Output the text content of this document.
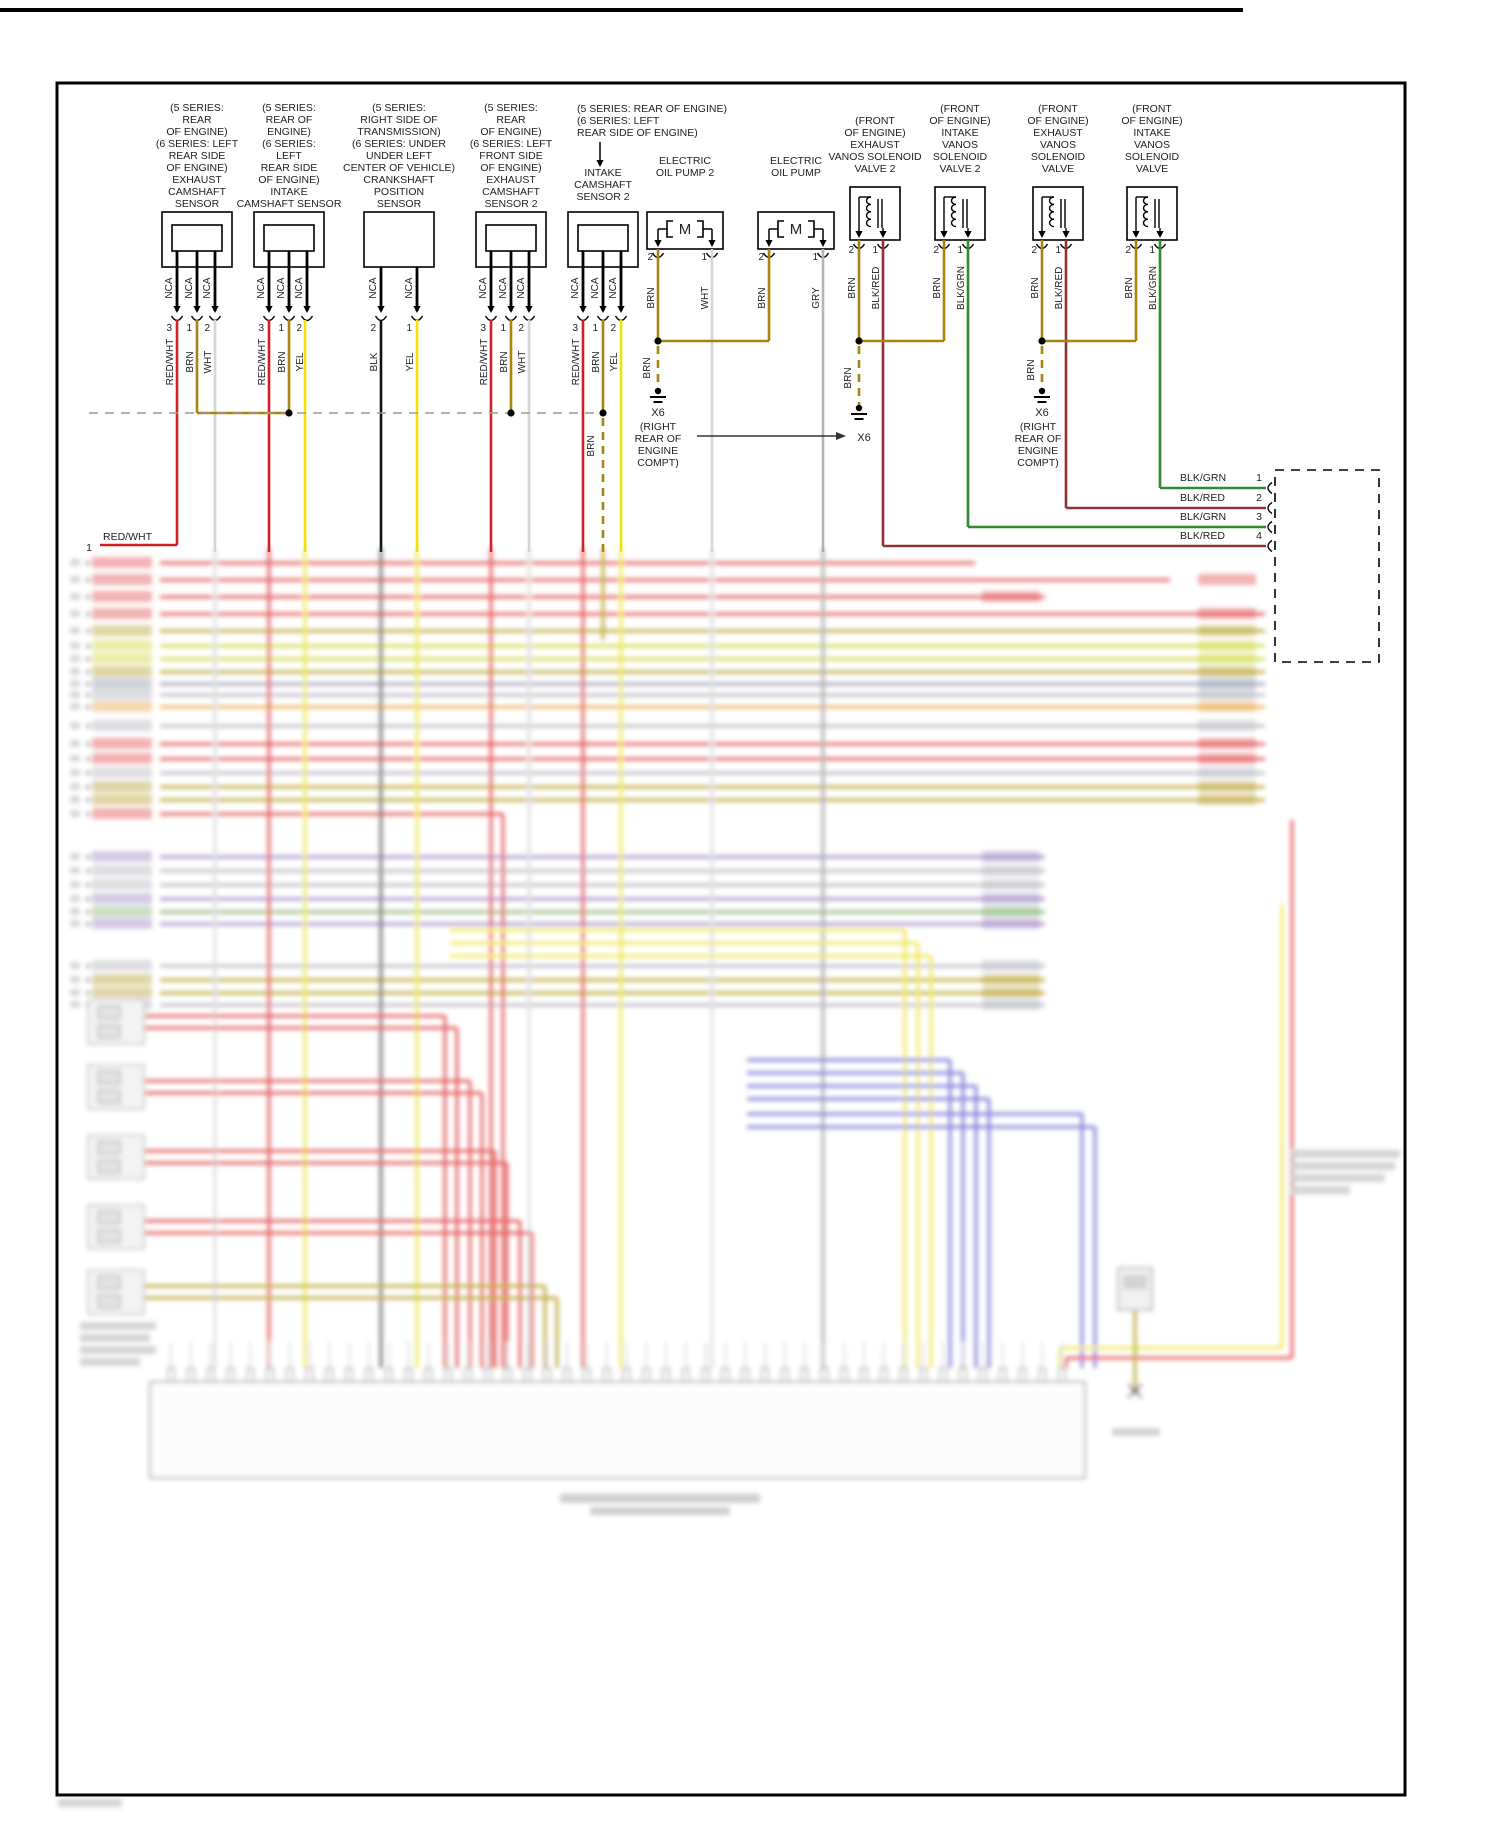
(5 SERIES:
REAR
OF ENGINE)
(6 SERIES: LEFT
REAR SIDE
OF ENGINE)
EXHAUST
CAMSHAFT
SENSOR
NCA
3
RED/WHT
NCA
1
BRN
NCA
2
WHT
(5 SERIES:
REAR OF
ENGINE)
(6 SERIES:
LEFT
REAR SIDE
OF ENGINE)
INTAKE
CAMSHAFT SENSOR
NCA
3
RED/WHT
NCA
1
BRN
NCA
2
YEL
(5 SERIES:
RIGHT SIDE OF
TRANSMISSION)
(6 SERIES: UNDER
UNDER LEFT
CENTER OF VEHICLE)
CRANKSHAFT
POSITION
SENSOR
NCA
2
BLK
NCA
1
YEL
(5 SERIES:
REAR
OF ENGINE)
(6 SERIES: LEFT
FRONT SIDE
OF ENGINE)
EXHAUST
CAMSHAFT
SENSOR 2
NCA
3
RED/WHT
NCA
1
BRN
NCA
2
WHT
(5 SERIES: REAR OF ENGINE)
(6 SERIES: LEFT
REAR SIDE OF ENGINE)
INTAKE
CAMSHAFT
SENSOR 2
NCA
3
RED/WHT
NCA
1
BRN
NCA
2
YEL
ELECTRIC
OIL PUMP 2
M
2
BRN
1
WHT
ELECTRIC
OIL PUMP
M
2
BRN
1
GRY
(FRONT
OF ENGINE)
EXHAUST
VANOS SOLENOID
VALVE 2
2
BRN
1
BLK/RED
(FRONT
OF ENGINE)
INTAKE
VANOS
SOLENOID
VALVE 2
2
BRN
1
BLK/GRN
(FRONT
OF ENGINE)
EXHAUST
VANOS
SOLENOID
VALVE
2
BRN
1
BLK/RED
(FRONT
OF ENGINE)
INTAKE
VANOS
SOLENOID
VALVE
2
BRN
1
BLK/GRN
BRN	BRN	BRN
BRN
X6
(RIGHT
REAR OF
ENGINE
COMPT)
X6
X6
(RIGHT
REAR OF
ENGINE
COMPT)
RED/WHT
1
BLK/GRN	1
BLK/RED	2
BLK/GRN	3
BLK/RED	4
